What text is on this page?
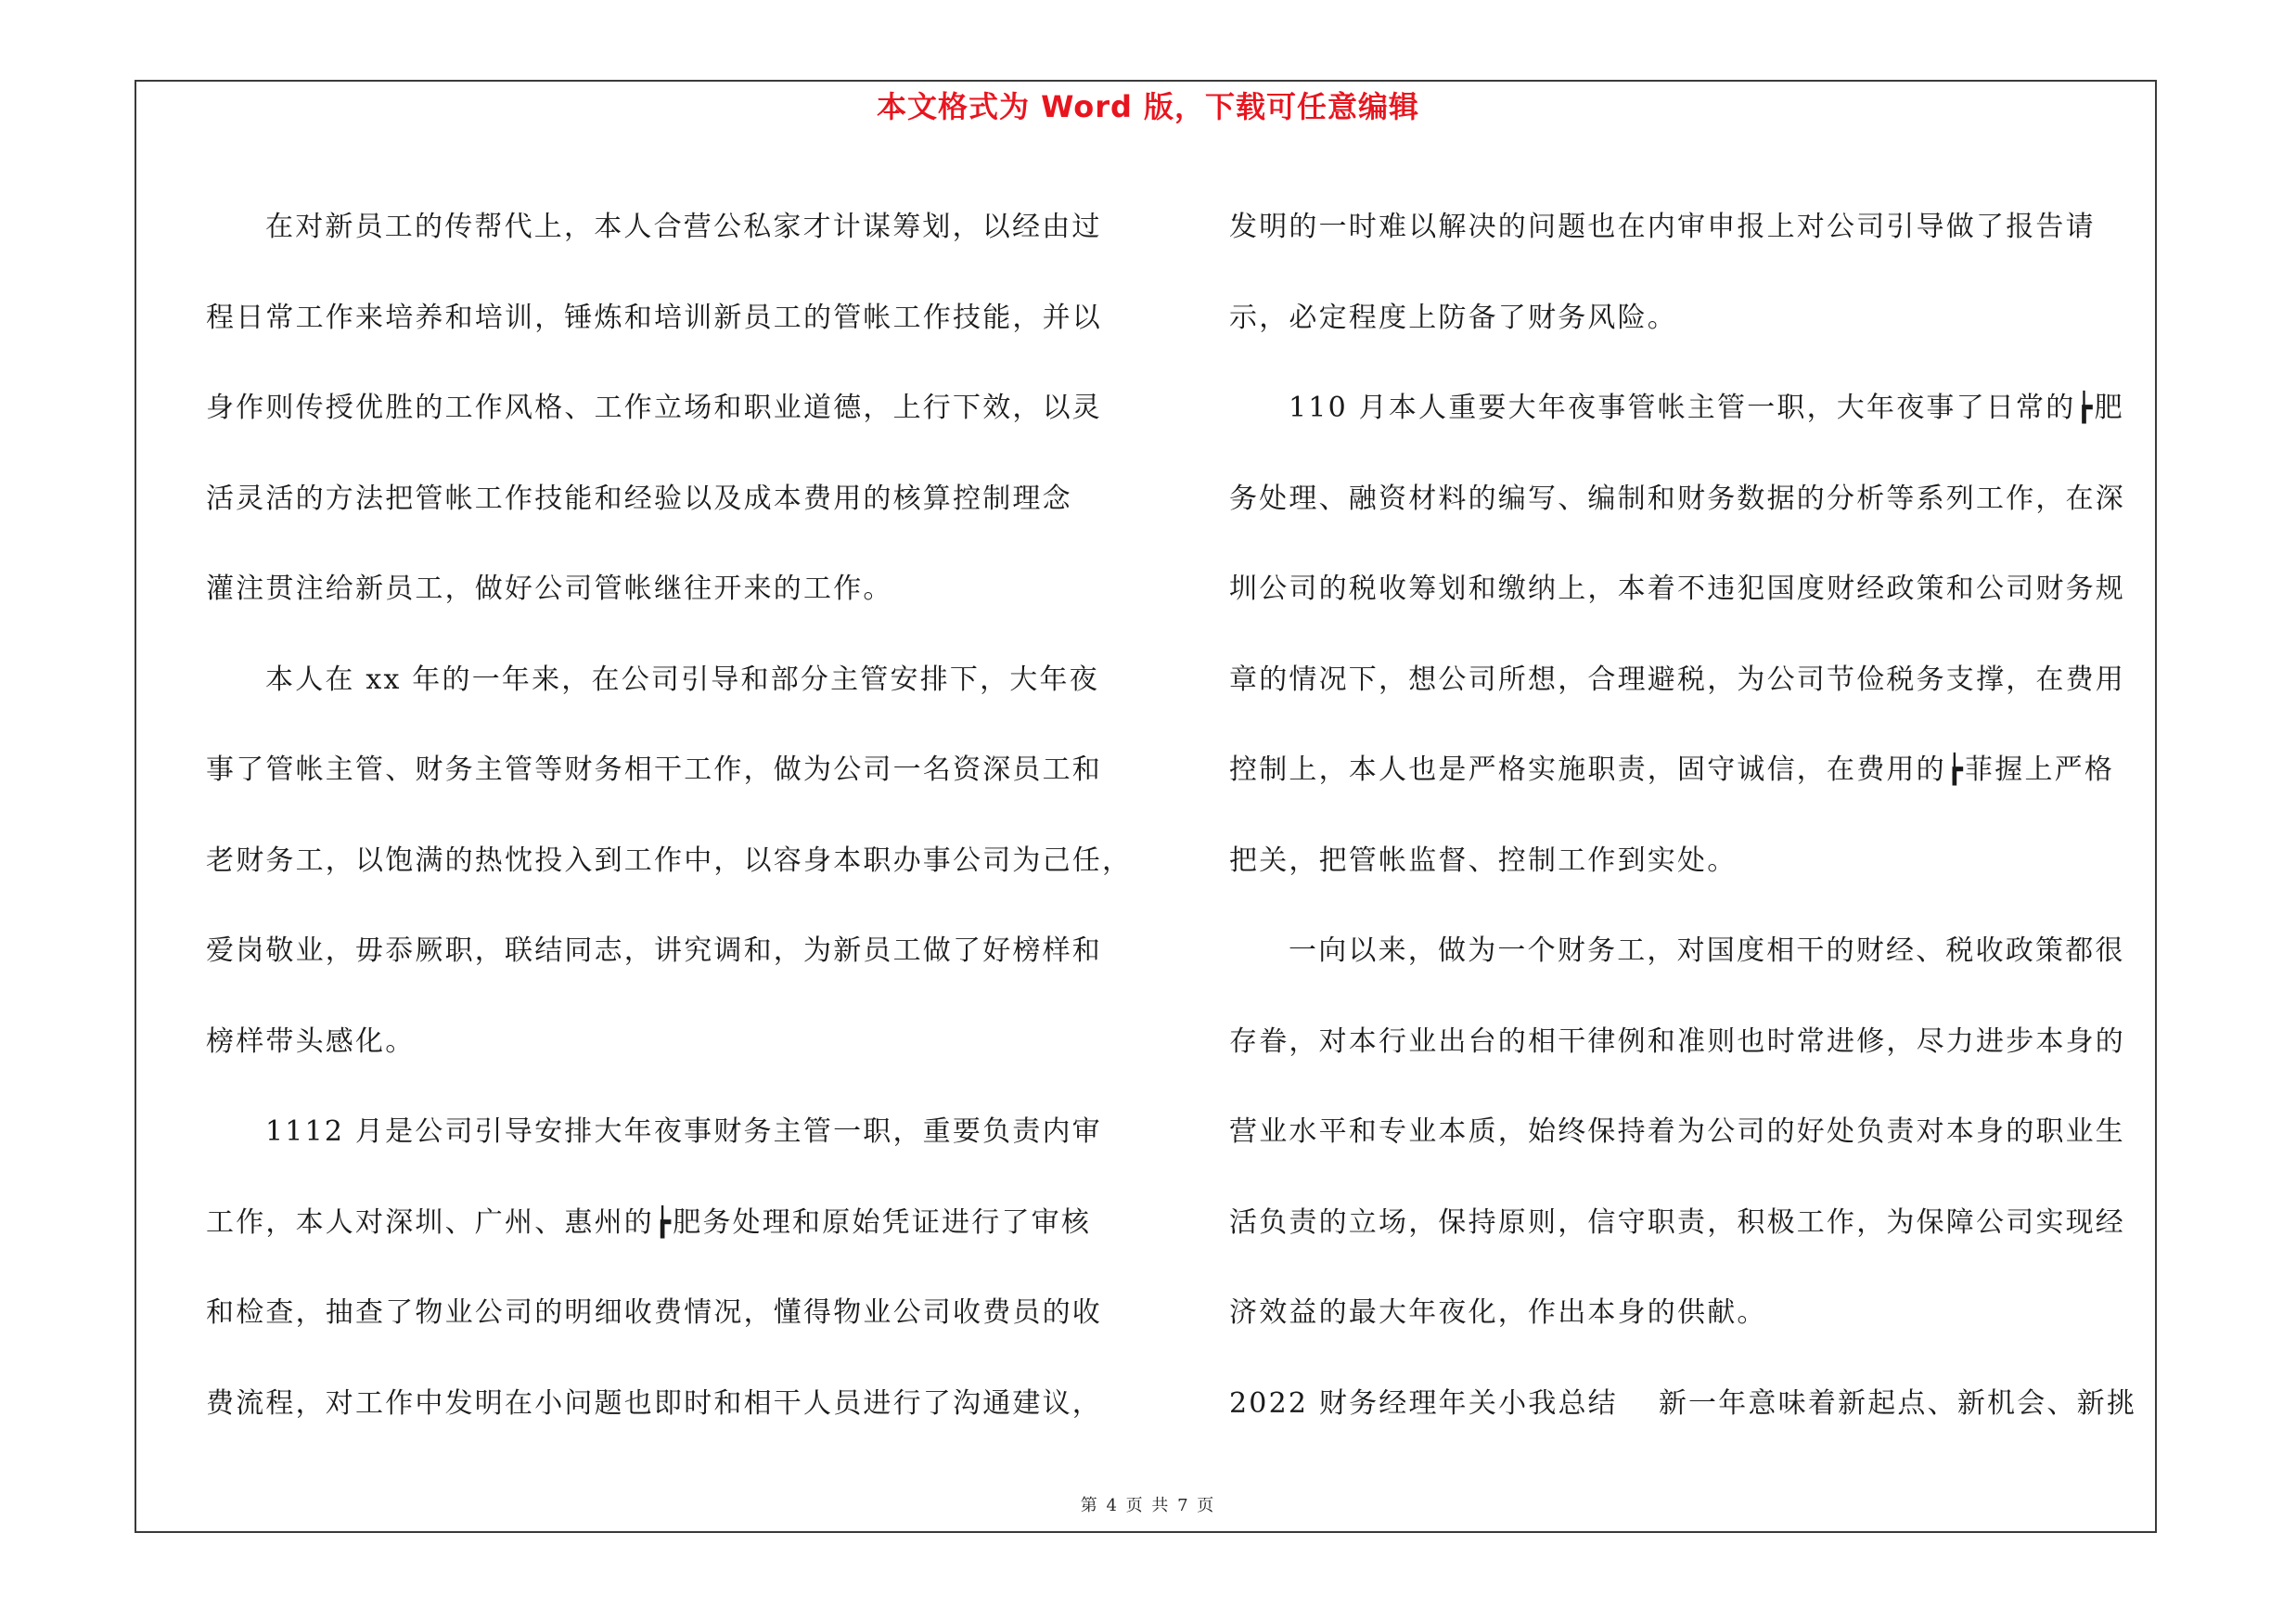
本文格式为 Word 版，下载可任意编辑
在对新员工的传帮代上，本人合营公私家才计谋筹划，以经由过
程日常工作来培养和培训，锤炼和培训新员工的管帐工作技能，并以
身作则传授优胜的工作风格、工作立场和职业道德，上行下效，以灵
活灵活的方法把管帐工作技能和经验以及成本费用的核算控制理念
灌注贯注给新员工，做好公司管帐继往开来的工作。
本人在 xx 年的一年来，在公司引导和部分主管安排下，大年夜
事了管帐主管、财务主管等财务相干工作，做为公司一名资深员工和
老财务工，以饱满的热忱投入到工作中，以容身本职办事公司为己任，
爱岗敬业，毋忝厥职，联结同志，讲究调和，为新员工做了好榜样和
榜样带头感化。
1112 月是公司引导安排大年夜事财务主管一职，重要负责内审
工作，本人对深圳、广州、惠州的┢肥务处理和原始凭证进行了审核
和检查，抽查了物业公司的明细收费情况，懂得物业公司收费员的收
费流程，对工作中发明在小问题也即时和相干人员进行了沟通建议，
发明的一时难以解决的问题也在内审申报上对公司引导做了报告请
示，必定程度上防备了财务风险。
110 月本人重要大年夜事管帐主管一职，大年夜事了日常的┢肥
务处理、融资材料的编写、编制和财务数据的分析等系列工作，在深
圳公司的税收筹划和缴纳上，本着不违犯国度财经政策和公司财务规
章的情况下，想公司所想，合理避税，为公司节俭税务支撑，在费用
控制上，本人也是严格实施职责，固守诚信，在费用的┢菲握上严格
把关，把管帐监督、控制工作到实处。
一向以来，做为一个财务工，对国度相干的财经、税收政策都很
存眷，对本行业出台的相干律例和准则也时常进修，尽力进步本身的
营业水平和专业本质，始终保持着为公司的好处负责对本身的职业生
活负责的立场，保持原则，信守职责，积极工作，为保障公司实现经
济效益的最大年夜化，作出本身的供献。
2022 财务经理年关小我总结　 新一年意味着新起点、新机会、新挑
第 4 页 共 7 页
